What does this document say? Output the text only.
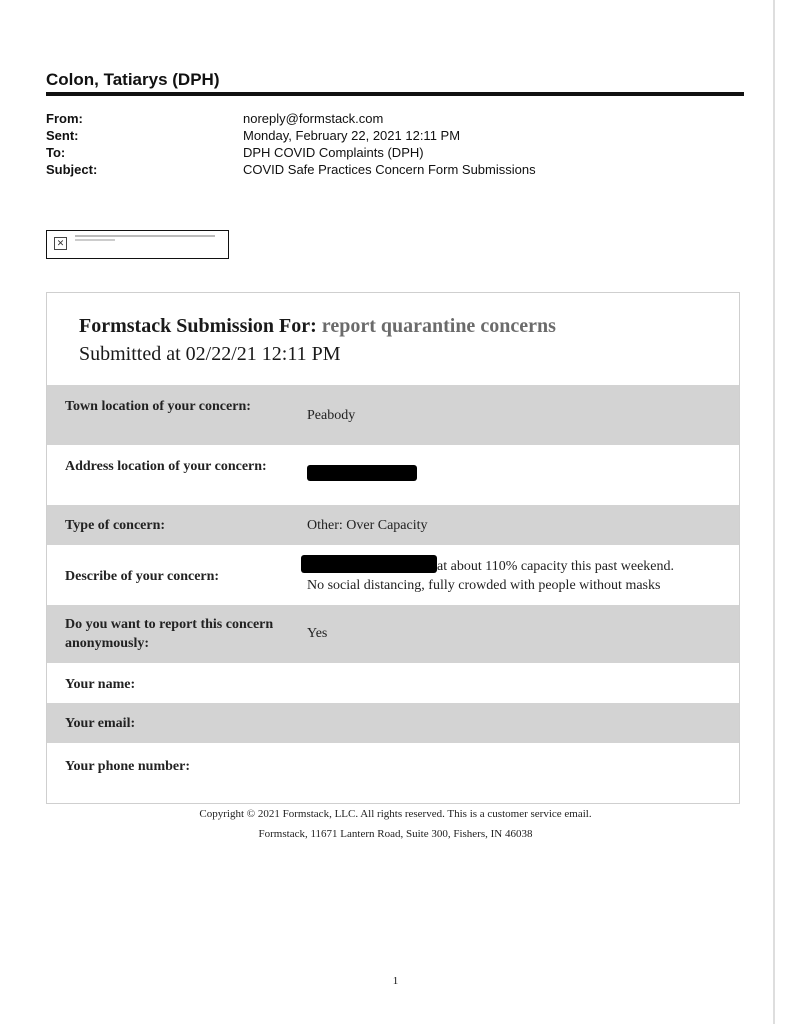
Colon, Tatiarys (DPH)
From:	noreply@formstack.com
Sent:	Monday, February 22, 2021 12:11 PM
To:	DPH COVID Complaints (DPH)
Subject:	COVID Safe Practices Concern Form Submissions
✕
Formstack Submission For: report quarantine concerns
Submitted at 02/22/21 12:11 PM
Town location of your concern:
Peabody
Address location of your concern:
Type of concern:	Other: Over Capacity
Describe of your concern:
at about 110% capacity this past weekend.
No social distancing, fully crowded with people without masks
Do you want to report this concern anonymously:
Yes
Your name:
Your email:
Your phone number:
Copyright © 2021 Formstack, LLC. All rights reserved. This is a customer service email.
Formstack, 11671 Lantern Road, Suite 300, Fishers, IN 46038
1
